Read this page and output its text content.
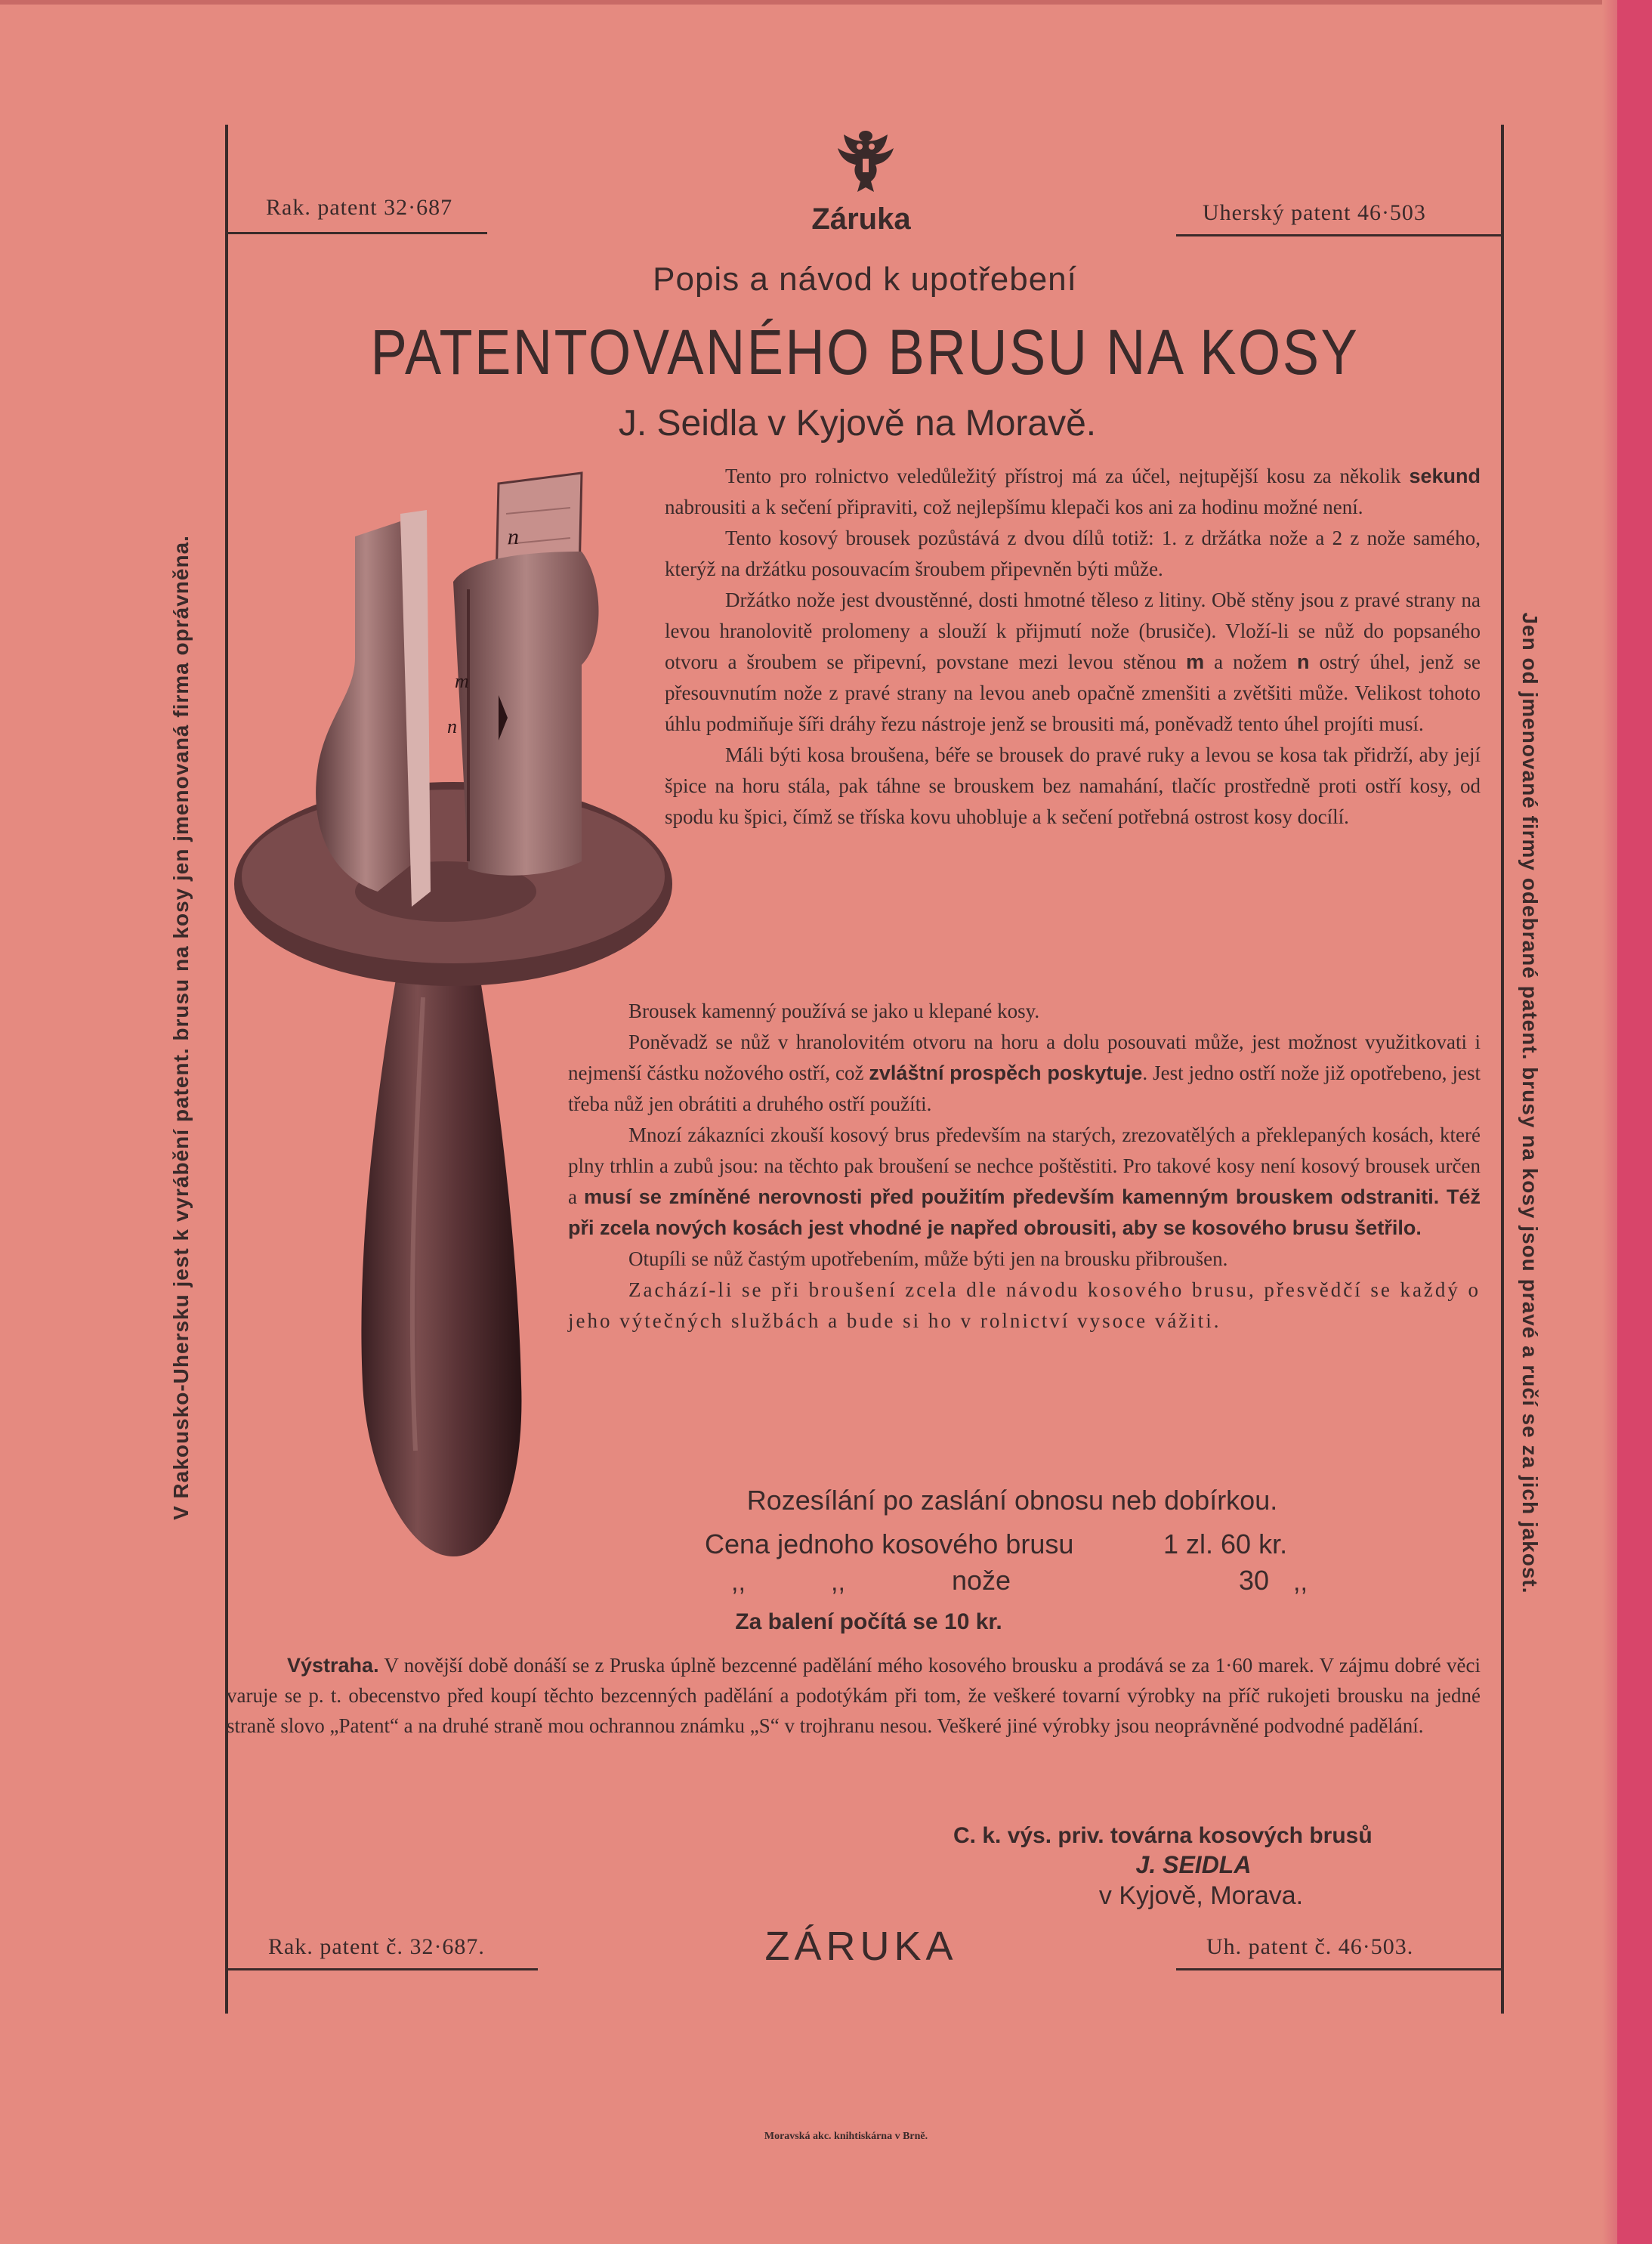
V Rakousko-Uhersku jest k vyrábění patent. brusu na kosy jen jmenovaná firma oprávněna.	Jen od jmenované firmy odebrané patent. brusy na kosy jsou pravé a ručí se za jich jakost.
Rak. patent 32·687	Záruka	Uherský patent 46·503
Popis a návod k upotřebení
PATENTOVANÉHO BRUSU NA KOSY
J. Seidla v Kyjově na Moravě.
n
m
n

Tento pro rolnictvo veledůležitý přístroj má za účel, nejtupější kosu za několik sekund nabrousiti a k sečení připraviti, což nejlepšímu klepači kos ani za hodinu možné není.

Tento kosový brousek pozůstává z dvou dílů totiž: 1. z držátka nože a 2 z nože samého, kterýž na držátku posouvacím šroubem připevněn býti může.

Držátko nože jest dvoustěnné, dosti hmotné těleso z litiny. Obě stěny jsou z pravé strany na levou hranolovitě prolomeny a slouží k přijmutí nože (brusiče). Vloží-li se nůž do popsaného otvoru a šroubem se připevní, povstane mezi levou stěnou m a nožem n ostrý úhel, jenž se přesouvnutím nože z pravé strany na levou aneb opačně zmenšiti a zvětšiti může. Velikost tohoto úhlu podmiňuje šíři dráhy řezu nástroje jenž se brousiti má, poněvadž tento úhel projíti musí.

Máli býti kosa broušena, béře se brousek do pravé ruky a levou se kosa tak přidrží, aby její špice na horu stála, pak táhne se brouskem bez namahání, tlačíc prostředně proti ostří kosy, od spodu ku špici, čímž se tříska kovu uhobluje a k sečení potřebná ostrost kosy docílí.

Brousek kamenný používá se jako u klepané kosy.

Poněvadž se nůž v hranolovitém otvoru na horu a dolu posouvati může, jest možnost využitkovati i nejmenší částku nožového ostří, což zvláštní prospěch poskytuje. Jest jedno ostří nože již opotřebeno, jest třeba nůž jen obrátiti a druhého ostří použíti.

Mnozí zákazníci zkouší kosový brus především na starých, zrezovatělých a překlepaných kosách, které plny trhlin a zubů jsou: na těchto pak broušení se nechce poštěstiti. Pro takové kosy není kosový brousek určen a musí se zmíněné nerovnosti před použitím především kamenným brouskem odstraniti. Též při zcela nových kosách jest vhodné je napřed obrousiti, aby se kosového brusu šetřilo.

Otupíli se nůž častým upotřebením, může býti jen na brousku přibroušen.

Zachází-li se při broušení zcela dle návodu kosového brusu, přesvědčí se každý o jeho výtečných službách a bude si ho v rolnictví vysoce vážiti.

Rozesílání po zaslání obnosu neb dobírkou.
Cena jednoho kosového brusu	1 zl. 60 kr.
,,	,,	nože	30 ,,
Za balení počítá se 10 kr.

Výstraha. V novější době donáší se z Pruska úplně bezcenné padělání mého kosového brousku a prodává se za 1·60 marek. V zájmu dobré věci varuje se p. t. obecenstvo před koupí těchto bezcenných padělání a podotýkám při tom, že veškeré tovarní výrobky na příč rukojeti brousku na jedné straně slovo „Patent“ a na druhé straně mou ochrannou známku „S“ v trojhranu nesou. Veškeré jiné výrobky jsou neoprávněné podvodné padělání.

C. k. výs. priv. továrna kosových brusů
J. SEIDLA
v Kyjově, Morava.
Rak. patent č. 32·687.	ZÁRUKA	Uh. patent č. 46·503.
Moravská akc. knihtiskárna v Brně.
